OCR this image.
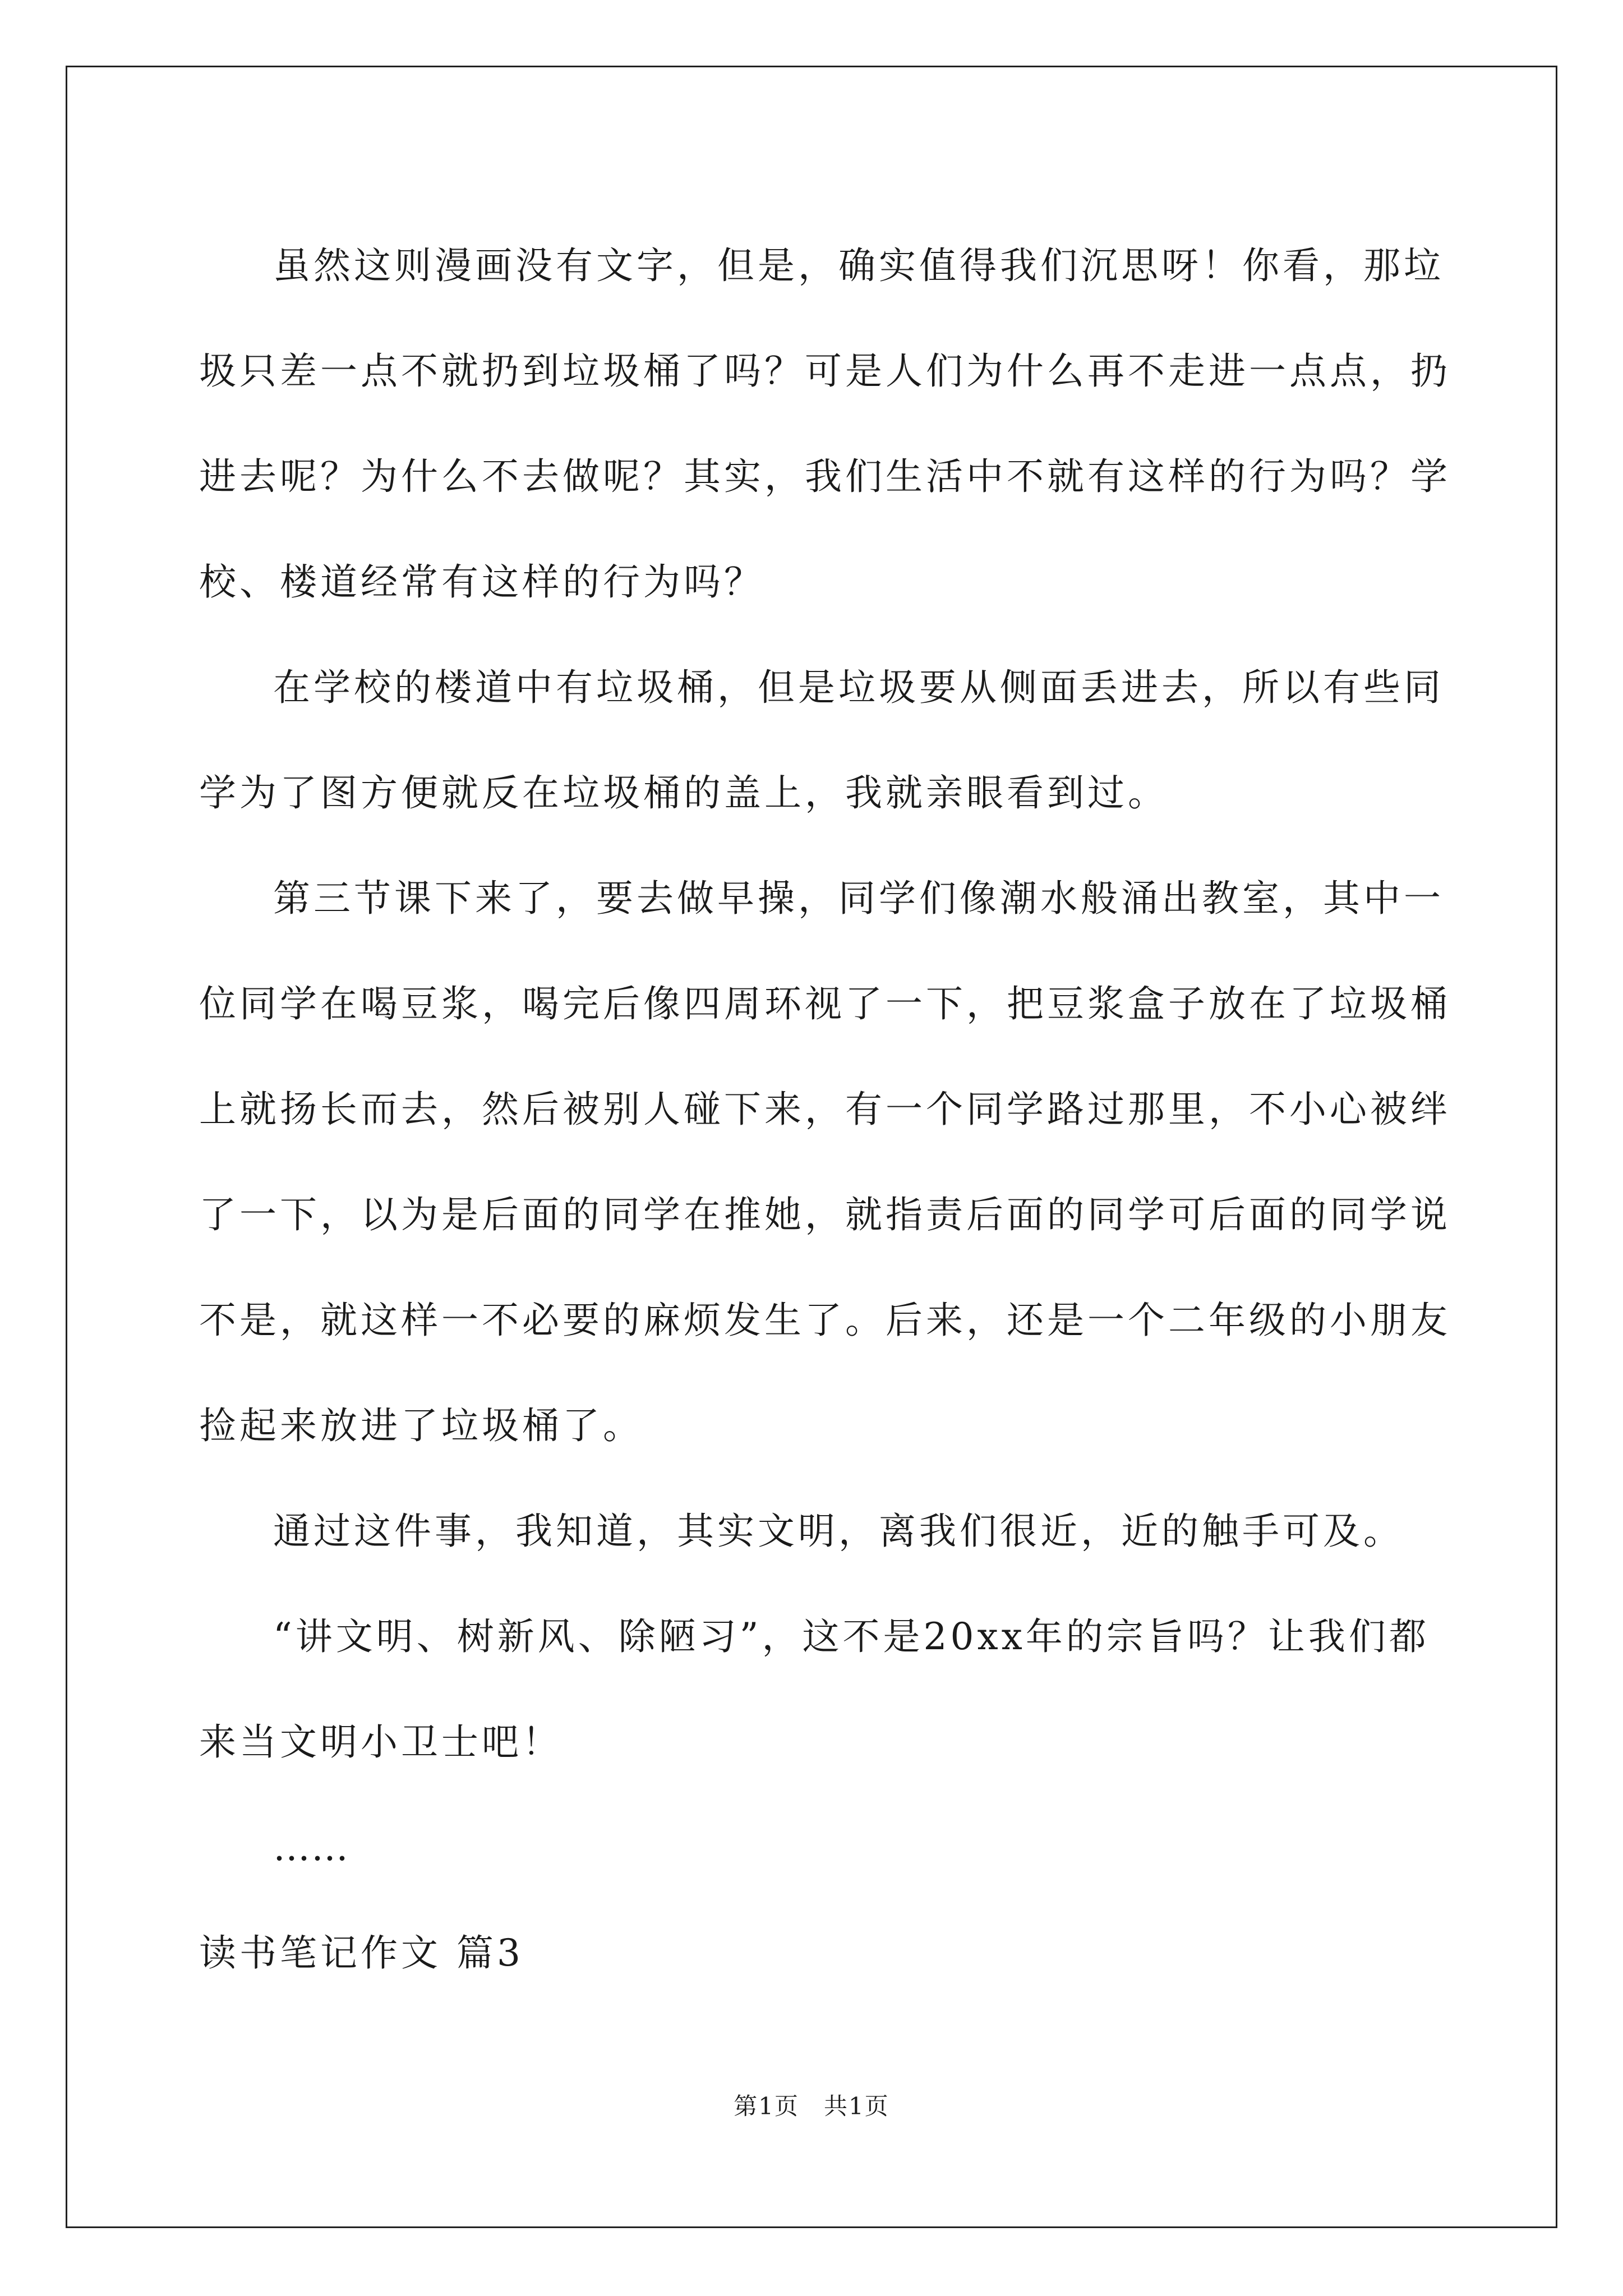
虽然这则漫画没有文字，但是，确实值得我们沉思呀！你看，那垃圾只差一点不就扔到垃圾桶了吗？可是人们为什么再不走进一点点，扔进去呢？为什么不去做呢？其实，我们生活中不就有这样的行为吗？学校、楼道经常有这样的行为吗？

在学校的楼道中有垃圾桶，但是垃圾要从侧面丢进去，所以有些同学为了图方便就反在垃圾桶的盖上，我就亲眼看到过。

第三节课下来了，要去做早操，同学们像潮水般涌出教室，其中一位同学在喝豆浆，喝完后像四周环视了一下，把豆浆盒子放在了垃圾桶上就扬长而去，然后被别人碰下来，有一个同学路过那里，不小心被绊了一下，以为是后面的同学在推她，就指责后面的同学可后面的同学说不是，就这样一不必要的麻烦发生了。后来，还是一个二年级的小朋友捡起来放进了垃圾桶了。

通过这件事，我知道，其实文明，离我们很近，近的触手可及。

“讲文明、树新风、除陋习”，这不是20xx年的宗旨吗？让我们都来当文明小卫士吧！

……

读书笔记作文 篇3

第1页　共1页
